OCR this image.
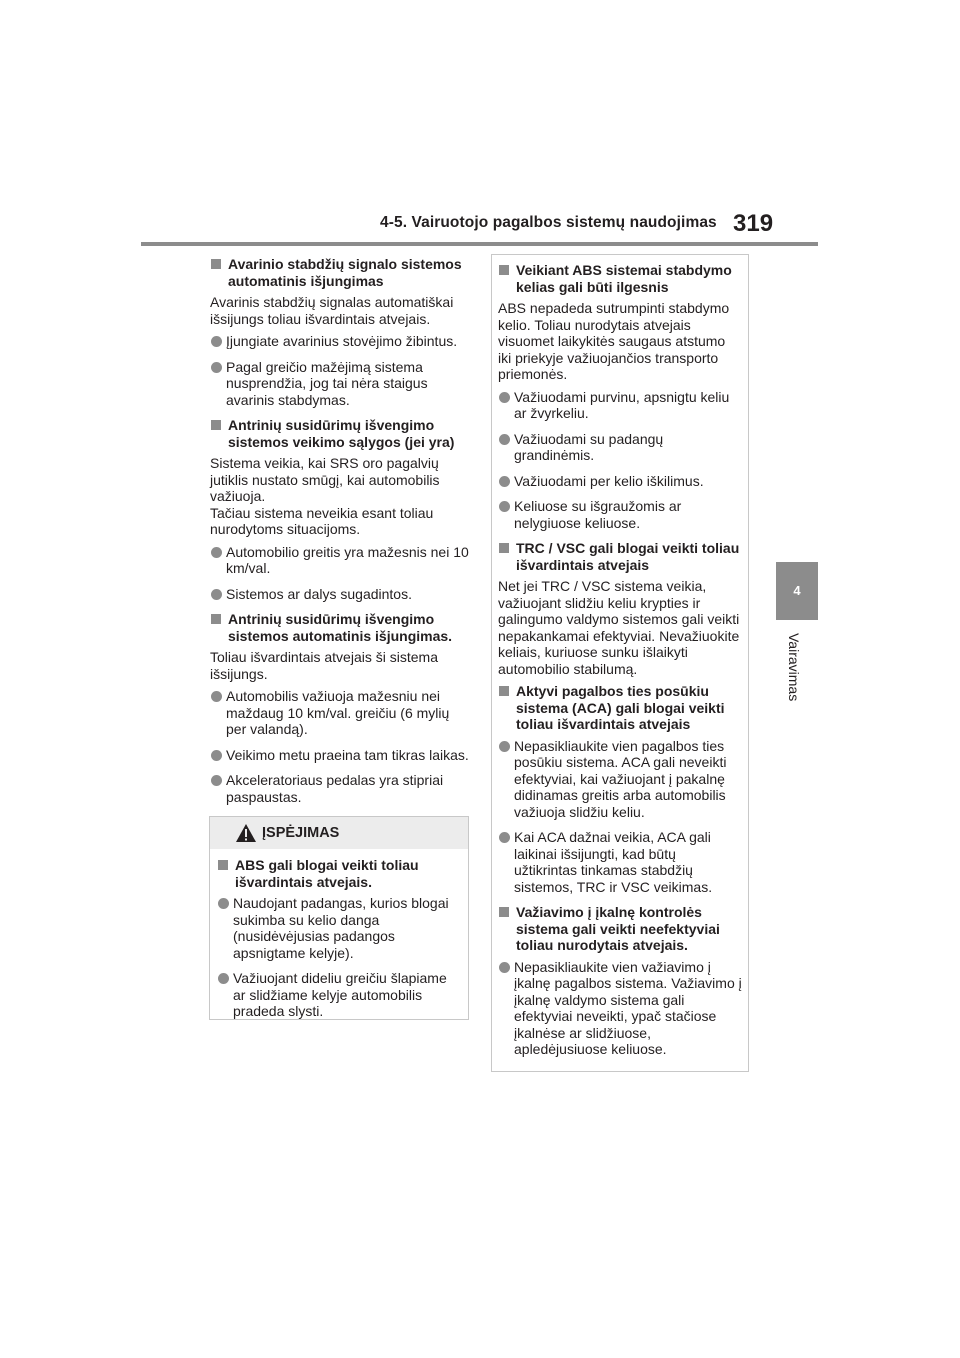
4-5. Vairuotojo pagalbos sistemų naudojimas 319
4
Vairavimas
Avarinio stabdžių signalo sistemos automatinis išjungimas
Avarinis stabdžių signalas automatiškai išsijungs toliau išvardintais atvejais.
Įjungiate avarinius stovėjimo žibintus.
Pagal greičio mažėjimą sistema nusprendžia, jog tai nėra staigus avarinis stabdymas.
Antrinių susidūrimų išvengimo sistemos veikimo sąlygos (jei yra)
Sistema veikia, kai SRS oro pagalvių jutiklis nustato smūgį, kai automobilis važiuoja.
Tačiau sistema neveikia esant toliau nurodytoms situacijoms.
Automobilio greitis yra mažesnis nei 10 km/val.
Sistemos ar dalys sugadintos.
Antrinių susidūrimų išvengimo sistemos automatinis išjungimas.
Toliau išvardintais atvejais ši sistema išsijungs.
Automobilis važiuoja mažesniu nei maždaug 10 km/val. greičiu (6 mylių per valandą).
Veikimo metu praeina tam tikras laikas.
Akceleratoriaus pedalas yra stipriai paspaustas.
ĮSPĖJIMAS
ABS gali blogai veikti toliau išvardintais atvejais.
Naudojant padangas, kurios blogai sukimba su kelio danga (nusidėvėjusias padangos apsnigtame kelyje).
Važiuojant dideliu greičiu šlapiame ar slidžiame kelyje automobilis pradeda slysti.
Veikiant ABS sistemai stabdymo kelias gali būti ilgesnis
ABS nepadeda sutrumpinti stabdymo kelio. Toliau nurodytais atvejais visuomet laikykitės saugaus atstumo iki priekyje važiuojančios transporto priemonės.
Važiuodami purvinu, apsnigtu keliu ar žvyrkeliu.
Važiuodami su padangų grandinėmis.
Važiuodami per kelio iškilimus.
Keliuose su išgraužomis ar nelygiuose keliuose.
TRC / VSC gali blogai veikti toliau išvardintais atvejais
Net jei TRC / VSC sistema veikia, važiuojant slidžiu keliu krypties ir galingumo valdymo sistemos gali veikti nepakankamai efektyviai. Nevažiuokite keliais, kuriuose sunku išlaikyti automobilio stabilumą.
Aktyvi pagalbos ties posūkiu sistema (ACA) gali blogai veikti toliau išvardintais atvejais
Nepasikliaukite vien pagalbos ties posūkiu sistema. ACA gali neveikti efektyviai, kai važiuojant į pakalnę didinamas greitis arba automobilis važiuoja slidžiu keliu.
Kai ACA dažnai veikia, ACA gali laikinai išsijungti, kad būtų užtikrintas tinkamas stabdžių sistemos, TRC ir VSC veikimas.
Važiavimo į įkalnę kontrolės sistema gali veikti neefektyviai toliau nurodytais atvejais.
Nepasikliaukite vien važiavimo į įkalnę pagalbos sistema. Važiavimo į įkalnę valdymo sistema gali efektyviai neveikti, ypač stačiose įkalnėse ar slidžiuose, apledėjusiuose keliuose.
